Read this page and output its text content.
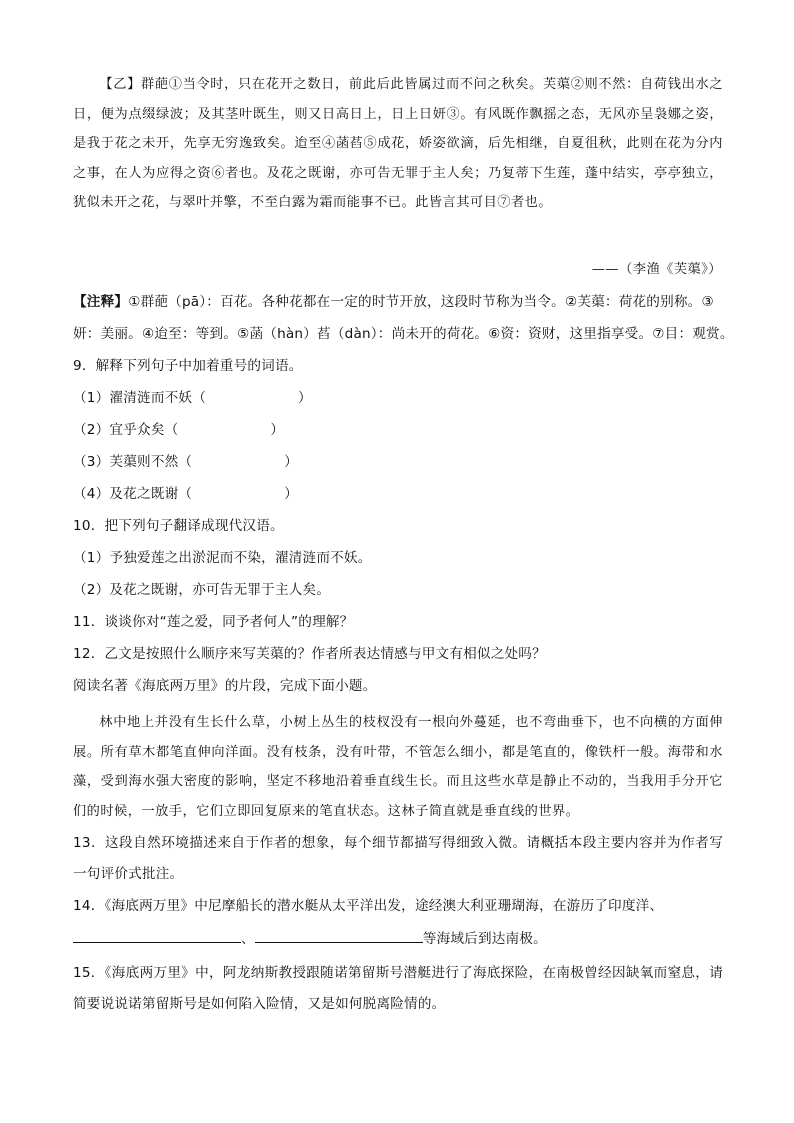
【乙】群葩①当令时，只在花开之数日，前此后此皆属过而不问之秋矣。芙蕖②则不然：自荷钱出水之日，便为点缀绿波；及其茎叶既生，则又日高日上，日上日妍③。有风既作飘摇之态，无风亦呈袅娜之姿，是我于花之未开，先享无穷逸致矣。迨至④菡萏⑤成花，娇姿欲滴，后先相继，自夏徂秋，此则在花为分内之事，在人为应得之资⑥者也。及花之既谢，亦可告无罪于主人矣；乃复蒂下生莲，蓬中结实，亭亭独立，犹似未开之花，与翠叶并擎，不至白露为霜而能事不已。此皆言其可目⑦者也。

——（李渔《芙蕖》）
【注释】①群葩（pā）：百花。各种花都在一定的时节开放，这段时节称为当令。②芙蕖：荷花的别称。③
妍：美丽。④迨至：等到。⑤菡（hàn）萏（dàn）：尚未开的荷花。⑥资：资财，这里指享受。⑦目：观赏。
9．解释下列句子中加着重号的词语。
（1）濯清涟而不妖（	）
（2）宜乎众矣（	）
（3）芙蕖则不然（	）
（4）及花之既谢（	）
10．把下列句子翻译成现代汉语。
（1）予独爱莲之出淤泥而不染，濯清涟而不妖。
（2）及花之既谢，亦可告无罪于主人矣。
11．谈谈你对“莲之爱，同予者何人”的理解？
12．乙文是按照什么顺序来写芙蕖的？作者所表达情感与甲文有相似之处吗？
阅读名著《海底两万里》的片段，完成下面小题。

林中地上并没有生长什么草，小树上丛生的枝杈没有一根向外蔓延，也不弯曲垂下，也不向横的方面伸展。所有草木都笔直伸向洋面。没有枝条，没有叶带，不管怎么细小，都是笔直的，像铁杆一般。海带和水藻，受到海水强大密度的影响，坚定不移地沿着垂直线生长。而且这些水草是静止不动的，当我用手分开它们的时候，一放手，它们立即回复原来的笔直状态。这林子简直就是垂直线的世界。

13．这段自然环境描述来自于作者的想象，每个细节都描写得细致入微。请概括本段主要内容并为作者写一句评价式批注。
14．《海底两万里》中尼摩船长的潜水艇从太平洋出发，途经澳大利亚珊瑚海，在游历了印度洋、
、	等海域后到达南极。
15．《海底两万里》中，阿龙纳斯教授跟随诺第留斯号潜艇进行了海底探险，在南极曾经因缺氧而窒息，请简要说说诺第留斯号是如何陷入险情，又是如何脱离险情的。
